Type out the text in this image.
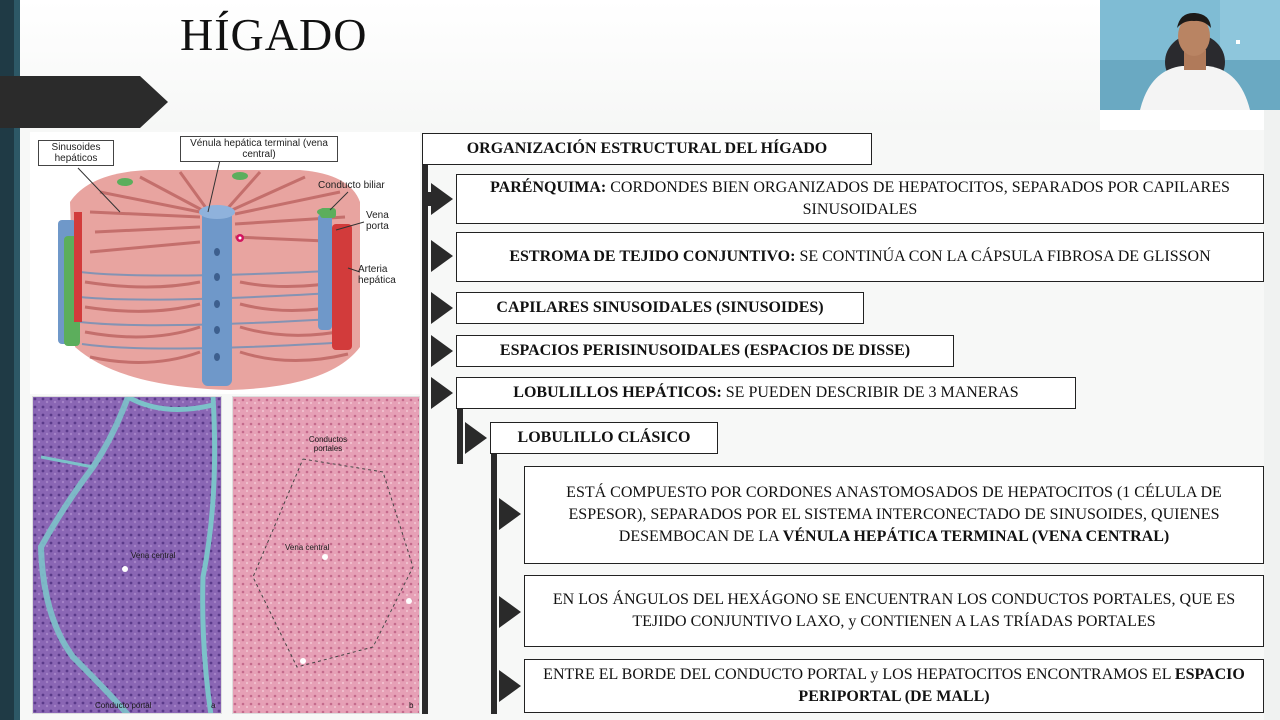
HÍGADO
Sinusoides hepáticos
Vénula hepática terminal (vena central)
Conducto biliar
Vena porta
Arteria hepática
Vena central
Conducto portal	a
Conductos portales
Vena central
b
ORGANIZACIÓN ESTRUCTURAL DEL HÍGADO
PARÉNQUIMA: CORDONDES BIEN ORGANIZADOS DE HEPATOCITOS, SEPARADOS POR CAPILARES SINUSOIDALES
ESTROMA DE TEJIDO CONJUNTIVO: SE CONTINÚA CON LA CÁPSULA FIBROSA DE GLISSON
CAPILARES SINUSOIDALES (SINUSOIDES)
ESPACIOS PERISINUSOIDALES (ESPACIOS DE DISSE)
LOBULILLOS HEPÁTICOS: SE PUEDEN DESCRIBIR DE 3 MANERAS
LOBULILLO CLÁSICO
ESTÁ COMPUESTO POR CORDONES ANASTOMOSADOS DE HEPATOCITOS (1 CÉLULA DE ESPESOR), SEPARADOS POR EL SISTEMA INTERCONECTADO DE SINUSOIDES, QUIENES DESEMBOCAN DE LA VÉNULA HEPÁTICA TERMINAL (VENA CENTRAL)
EN LOS ÁNGULOS DEL HEXÁGONO SE ENCUENTRAN LOS CONDUCTOS PORTALES, QUE ES TEJIDO CONJUNTIVO LAXO, y CONTIENEN A LAS TRÍADAS PORTALES
ENTRE EL BORDE DEL CONDUCTO PORTAL y LOS HEPATOCITOS ENCONTRAMOS EL ESPACIO PERIPORTAL (DE MALL)
